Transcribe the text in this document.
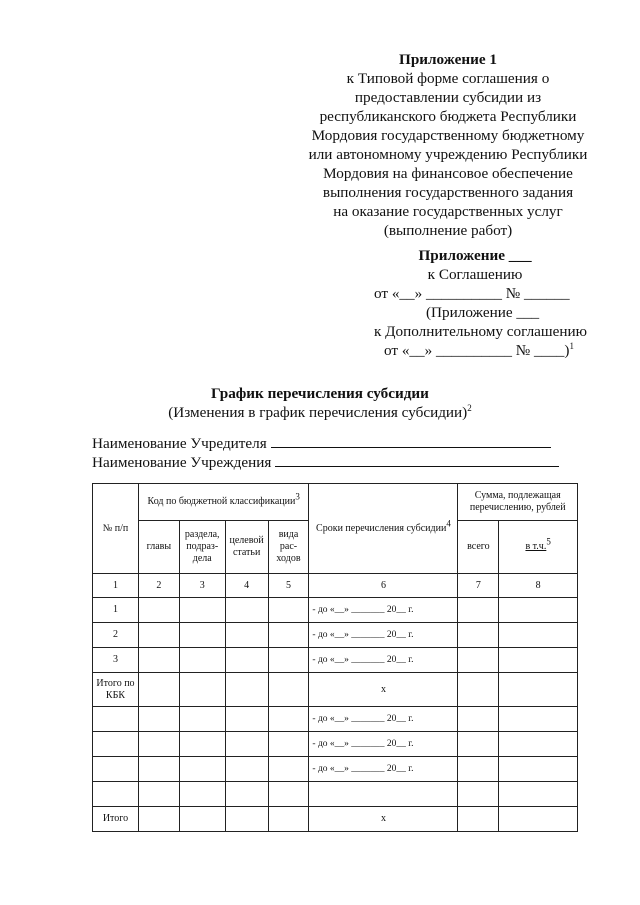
Приложение 1
к Типовой форме соглашения о
предоставлении субсидии из
республиканского бюджета Республики
Мордовия государственному бюджетному
или автономному учреждению Республики
Мордовия на финансовое обеспечение
выполнения государственного задания
на оказание государственных услуг
(выполнение работ)
Приложение ___
к Соглашению
от «__» __________ № ______
(Приложение ___
к Дополнительному соглашению
от «__» __________ № ____)$^1$
График перечисления субсидии
(Изменения в график перечисления субсидии)$^2$
Наименование Учредителя
Наименование Учреждения
№ п/п	Код по бюджетной классификации$^3$				Сроки перечисления субсидии$^4$	Сумма, подлежащая перечислению, рублей	
	главы	раздела, подраз-дела	целевой статьи	вида рас-ходов		всего	в т.ч.$^5$
1	2	3	4	5	6	7	8
1					- до «__» _______ 20__ г.		
2					- до «__» _______ 20__ г.		
3					- до «__» _______ 20__ г.		
Итого по КБК					x		
					- до «__» _______ 20__ г.		
					- до «__» _______ 20__ г.		
					- до «__» _______ 20__ г.		

Итого					x		
